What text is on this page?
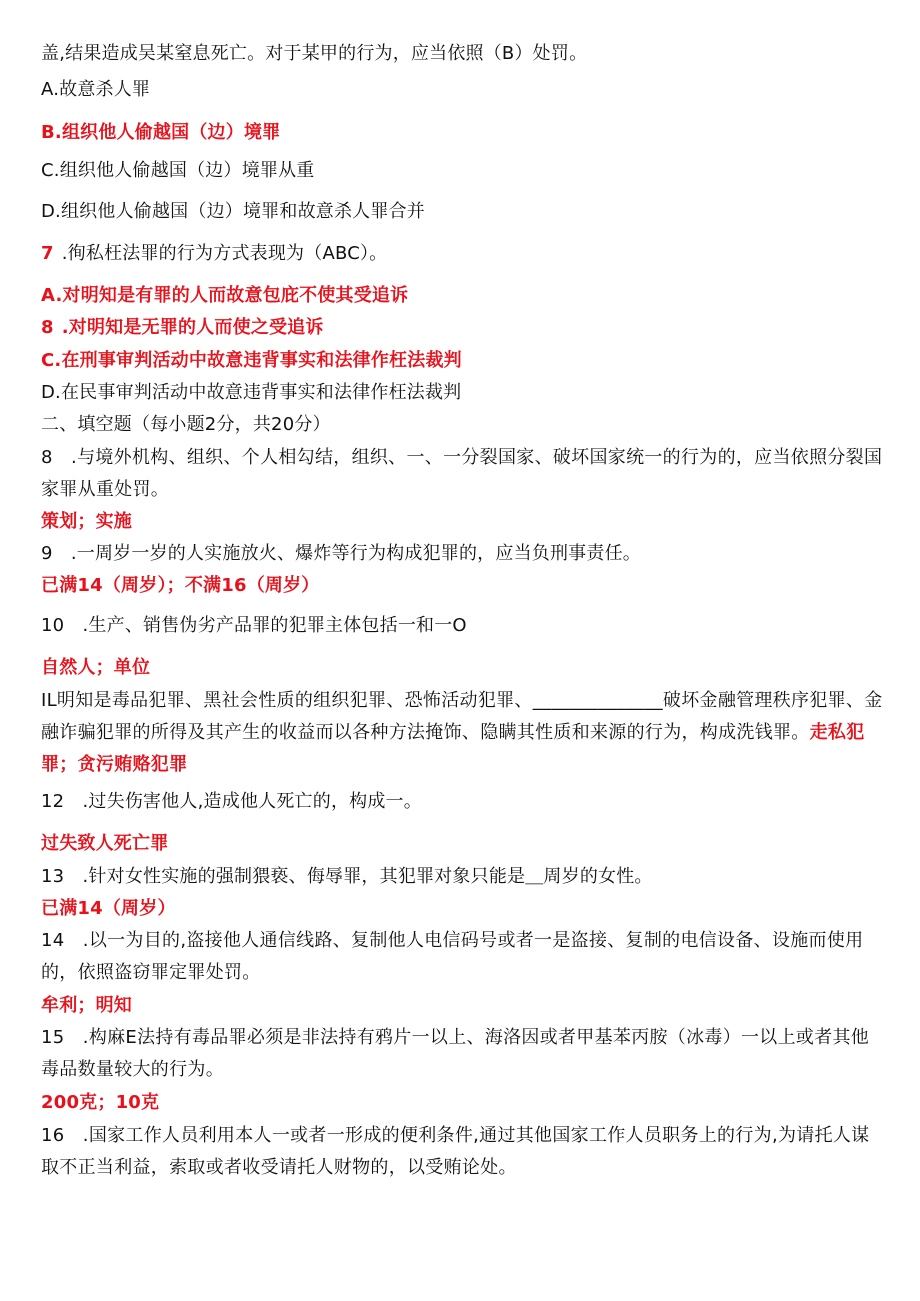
盖,结果造成吴某窒息死亡。对于某甲的行为，应当依照（B）处罚。
A.故意杀人罪
B.组织他人偷越国（边）境罪
C.组织他人偷越国（边）境罪从重
D.组织他人偷越国（边）境罪和故意杀人罪合并
7 .徇私枉法罪的行为方式表现为（ABC）。
A.对明知是有罪的人而故意包庇不使其受追诉
8 .对明知是无罪的人而使之受追诉
C.在刑事审判活动中故意违背事实和法律作枉法裁判
D.在民事审判活动中故意违背事实和法律作枉法裁判
二、填空题（每小题2分，共20分）
8　.与境外机构、组织、个人相勾结，组织、一、一分裂国家、破坏国家统一的行为的，应当依照分裂国家罪从重处罚。
策划；实施
9　.一周岁一岁的人实施放火、爆炸等行为构成犯罪的，应当负刑事责任。
已满14（周岁）；不满16（周岁）
10　.生产、销售伪劣产品罪的犯罪主体包括一和一O
自然人；单位
IL明知是毒品犯罪、黑社会性质的组织犯罪、恐怖活动犯罪、______________破坏金融管理秩序犯罪、金融诈骗犯罪的所得及其产生的收益而以各种方法掩饰、隐瞒其性质和来源的行为，构成洗钱罪。走私犯罪；贪污贿赂犯罪
12　.过失伤害他人,造成他人死亡的，构成一。
过失致人死亡罪
13　.针对女性实施的强制猥亵、侮辱罪，其犯罪对象只能是＿周岁的女性。
已满14（周岁）
14　.以一为目的,盗接他人通信线路、复制他人电信码号或者一是盗接、复制的电信设备、设施而使用的，依照盗窃罪定罪处罚。
牟利；明知
15　.构麻E法持有毒品罪必须是非法持有鸦片一以上、海洛因或者甲基苯丙胺（冰毒）一以上或者其他毒品数量较大的行为。
200克；10克
16　.国家工作人员利用本人一或者一形成的便利条件,通过其他国家工作人员职务上的行为,为请托人谋取不正当利益，索取或者收受请托人财物的，以受贿论处。
